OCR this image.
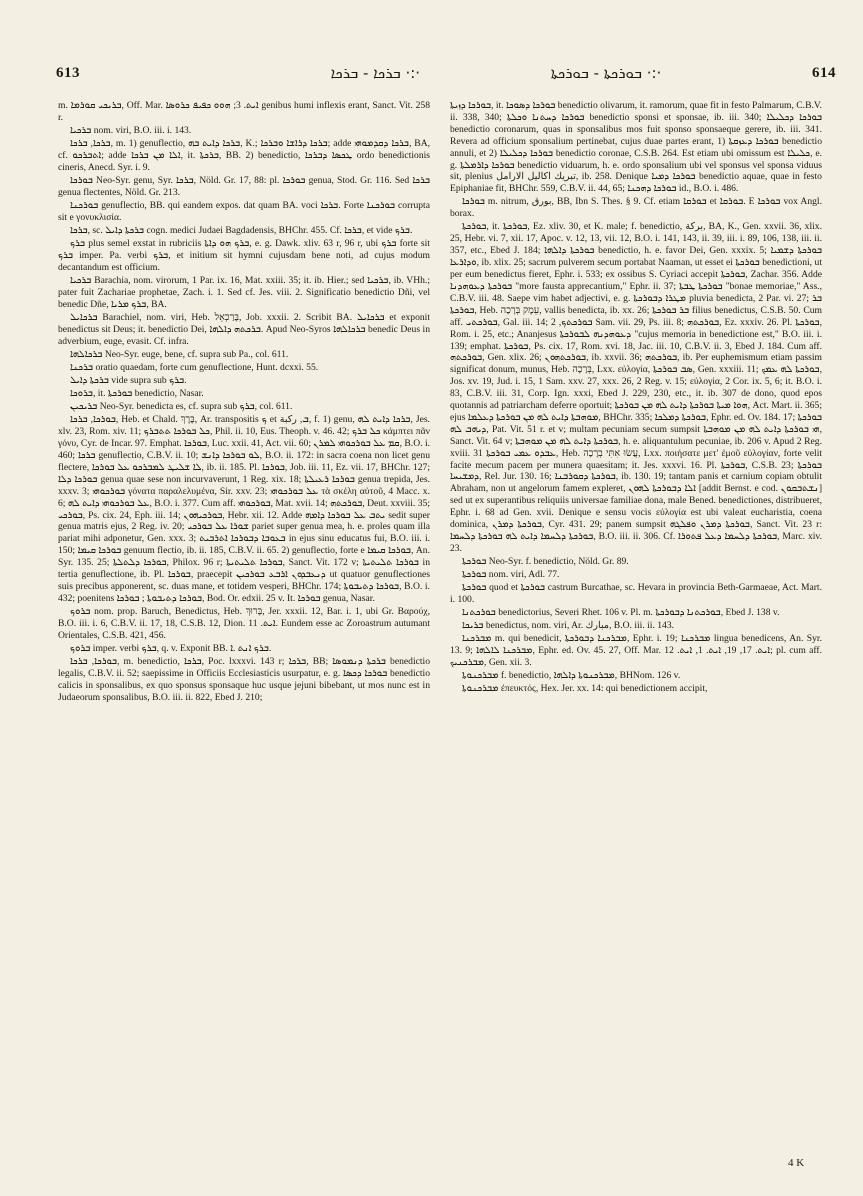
613	ܒܪܟܐ - ܒܪܟܐ ·:·	ܒܘܪܟܬܐ - ܒܘܪܟܬܐ ·:·	614

m. ܒܪܝܟܝ ܩܘܪܡܐ, Off. Mar. ܐܝܬ. 3; ܗܘܘ ܟܦܝܦ ܟܪܘܣܐ genibus humi inflexis erant, Sanct. Vit. 258 r.

ܒܪܟܝܐ nom. viri, B.O. iii. i. 143.

ܒܪܟܐ, ܒܪܟܐ, m. 1) genuflectio, ܒܪܟܐ ܕܐܝܬ ܒܗ, K.; ܒܪܟܐ ܕܪܐܫܐ ܘܒܪܟܐ; adde ܒܪܟܐ ܕܩܕܡܘܗܝ, BA, cf. ܐܬܒܪܟܘ; adde ܐܠܐ ܡܢ ܒܪܟܐ, it. ܒܪܟܬܐ, BB. 2) benedictio, ܛܟܣܐ ܕܒܪܟܐ ordo benedictionis cineris, Anecd. Syr. i. 9.

ܒܘܪܟܐ Neo-Syr. genu, Syr. ܒܪܟܐ, Nöld. Gr. 17, 88: pl. ܒܘܪܟܐ genua, Stod. Gr. 116. Sed ܒܪܟܐ genua flectentes, Nöld. Gr. 213.

ܒܘܪܟܢܐ genuflectio, BB. qui eandem expos. dat quam BA. voci ܒܪܟܐ. Forte ܒܘܪܟܢܐ corrupta sit e γονυκλισία.

ܒܪܟܐ, sc. ܒܪܟܬܐ ܕܐܝܠ cogn. medici Judaei Bagdadensis, BHChr. 455. Cf. ܒܪܟܐ, et vide ܒܪܟ.

ܒܪܟ plus semel exstat in rubriciis ܒܪܟ ܗܘ ܕܐܬܐ, e. g. Dawk. xliv. 63 r, 96 r, ubi ܒܪܟ forte sit ܒܪܟ imper. Pa. verbi ܒܪܟ, et initium sit hymni cujusdam bene noti, ad cujus modum decantandum est officium.

ܒܪܟܝܐ Barachia, nom. virorum, 1 Par. ix. 16, Mat. xxiii. 35; it. ib. Hier.; sed ܒܪܟܝܐ, ib. VHh.; pater fuit Zachariae prophetae, Zach. i. 1. Sed cf. Jes. viii. 2. Significatio benedictio Dñi, vel benedic Dñe, ܒܪܟ ܡܪܝܐ, BA.

ܒܪܟܐܝܠ Barachiel, nom. viri, Heb. בָּרַכְאֵל, Job. xxxii. 2. Scribit BA. ܒܪܟܐܝܠ et exponit benedictus sit Deus; it. benedictio Dei, ܒܪܟܬܗ ܕܐܠܗܐ. Apud Neo-Syros ܒܪܟܐܠܗܐ benedic Deus in adverbium, euge, evasit. Cf. infra.

ܒܪܟܐܠܗܐ Neo-Syr. euge, bene, cf. supra sub Pa., col. 611.

ܒܪܟܢܐ oratio quaedam, forte cum genuflectione, Hunt. dcxxi. 55.

ܒܪܟܬܐ ܕܐܝܠ vide supra sub ܒܪܟ.

ܒܪܘܟܐ, it. ܒܘܪܟܬܐ benedictio, Nasar.

ܒܪܝܟܝܢ Neo-Syr. benedicta es, cf. supra sub ܒܪܟ, col. 611.

ܒܘܪܟܐ, ܒܪܟܐ, Heb. et Chald. בֶּרֶךְ, Ar. transpositis ܟ et ܒ, ركبة, f. 1) genu, ܒܪܟܐ ܕܐܝܬ ܠܗ, Jes. xlv. 23, Rom. xiv. 11; ܟܠ ܒܘܪܟܐ ܬܬܒܪܟ, Phil. ii. 10, Eus. Theoph. v. 46. 42; ܟܠ ܒܪܟ κάμπτει πᾶν γόνυ, Cyr. de Incar. 97. Emphat. ܒܘܪܟܐ, Luc. xxii. 41, Act. vii. 60; ܩܡ ܥܠ ܒܘܪܟܘܗܝ ܠܡܪܢ, B.O. i. 460; ܒܪܟܐ genuflectio, C.B.V. ii. 10; ܠܘ ܒܘܪܟܐ ܕܐܢܫ, B.O. ii. 172: in sacra coena non licet genu flectere, ܠܐ ܫܠܝܛ ܠܡܒܪܟܘ ܥܠ ܒܘܪܟܐ, ib. ii. 185. Pl. ܒܘܪܟܐ, Job. iii. 11, Ez. vii. 17, BHChr. 127; ܒܘܪܟܐ ܕܠܐ genua quae sese non incurvaverunt, 1 Reg. xix. 18; ܒܘܪܟܐ ܪܥܝܠܬܐ genua trepida, Jes. xxxv. 3; ܒܘܪܟܘܗܝ γόνατα παραλελυμένα, Sir. xxv. 23; ܥܠ ܒܘܪܟܘܗܝ τὰ σκέλη αὐτοῦ, 4 Macc. x. 6; ܥܠ ܒܘܪܟܘܗܝ ܕܐܝܬ ܠܗ, B.O. i. 377. Cum aff. ܒܘܪܟܘܗܝ, Mat. xvii. 14; ܒܘܪܟܬܗ, Deut. xxviii. 35; ܒܘܪܟܝ, Ps. cix. 24, Eph. iii. 14; ܒܘܪܟܝܗܘܢ, Hebr. xii. 12. Adde ܝܬܒ ܥܠ ܒܘܪܟܐ ܕܐܡܗ sedit super genua matris ejus, 2 Reg. iv. 20; ܫܘܪܐ ܥܠ ܒܘܪܟܝ pariet super genua mea, h. e. proles quam illa pariat mihi adponetur, Gen. xxx. 3; ܒܥܘܒܐ ܕܒܘܪܟܐ ܐܬܪܒܝܬ in ejus sinu educatus fui, B.O. iii. i. 150; ܒܘܪܟܐ ܩܝܡܐ genuum flectio, ib. ii. 185, C.B.V. ii. 65. 2) genuflectio, forte e ܒܘܪܟܐ ܩܝܡܐ, An. Syr. 135. 25; ܒܘܪܟܐ ܕܠܬܠܬܐ, Philox. 96 r; ܒܘܪܟܐ ܬܠܝܬܝܬܐ, Sanct. Vit. 172 v; ܒܘܪܟܐ ܬܠܝܬܝܬܐ in tertia genuflectione, ib. Pl. ܒܘܪܟܐ, praecepit ܕܢܥܒܕܘܢ ܐܪܒܥ ܒܘܪܟܝܢ ut quatuor genuflectiones suis precibus apponerent, sc. duas mane, et totidem vesperi, BHChr. 174; ܒܘܪܟܐ ܕܬܝܒܘܬܐ, B.O. i. 432; poenitens ܒܘܪܟܐ ܕܬܝܒܘܬܐ ; ܒܘܪܟܐ, Bod. Or. edxii. 25 v. It. ܒܘܪܟܐ genua, Nasar.

ܒܪܘܟ nom. prop. Baruch, Benedictus, Heb. בָּרוּךְ, Jer. xxxii. 12, Bar. i. 1, ubi Gr. Βαρούχ, B.O. iii. i. 6, C.B.V. ii. 17, 18, C.S.B. 12, Dion. ܐܝܬ. 11. Eundem esse ac Zoroastrum autumant Orientales, C.S.B. 421, 456.

ܒܪܘܟ imper. verbi ܒܪܟ, q. v. Exponit BB. ܒܪܟ ܐܢܬ .ܐ.

ܒܘܪܟܐ, ܒܪܟܐ, m. benedictio, ܒܪܟܐ, Poc. lxxxvi. 143 r; ܒܪܟܐ, BB; ܒܪܟܬܐ ܕܢܡܘܣܐ benedictio legalis, C.B.V. ii. 52; saepissime in Officiis Ecclesiasticis usurpatur, e. g. ܒܘܪܟܐ ܕܟܣܐ benedictio calicis in sponsalibus, ex quo sponsus sponsaque huc usque jejuni bibebant, ut mos nunc est in Judaeorum sponsalibus, B.O. iii. ii. 822, Ebed J. 210;

ܒܘܪܟܐ ܕܙܝܬܐ, it. ܒܘܪܟܐ ܕܣܘܟܐ benedictio olivarum, it. ramorum, quae fit in festo Palmarum, C.B.V. ii. 338, 340; ܒܘܪܟܐ ܕܚܬܢܐ ܘܟܠܬܐ benedictio sponsi et sponsae, ib. iii. 340; ܒܘܪܟܐ ܕܟܠܝܠܐ benedictio coronarum, quas in sponsalibus mos fuit sponso sponsaeque gerere, ib. iii. 341. Revera ad officium sponsalium pertinebat, cujus duae partes erant, 1) ܒܘܪܟܐ ܕܥܙܩܬܐ benedictio annuli, et 2) ܒܘܪܟܐ ܕܟܠܝܠܐ benedictio coronae, C.S.B. 264. Est etiam ubi omissum est ܟܠܝܠܐ, e. g. ܒܘܪܟܐ ܕܐܪܡܠܬܐ benedictio viduarum, h. e. ordo sponsalium ubi vel sponsus vel sponsa viduus sit, plenius تبريك اكاليل الارامل, ib. 258. Denique ܒܘܪܟܐ ܕܡܝܐ benedictio aquae, quae in festo Epiphaniae fit, BHChr. 559, C.B.V. ii. 44, 65; ܒܘܪܟܐ ܕܗܟܢܐ id., B.O. i. 486.

ܒܘܪܟܐ m. nitrum, بورق, BB, Ibn S. Thes. § 9. Cf. etiam ܒܘܪܩܐ et ܒܘܪܩܐ. E ܒܘܪܟܐ vox Angl. borax.

ܒܘܪܟܬܐ, it. ܒܘܪܟܬܐ, Ez. xliv. 30, et K. male; f. benedictio, بركة, BA, K., Gen. xxvii. 36, xlix. 25, Hebr. vi. 7, xii. 17, Apoc. v. 12, 13, vii. 12, B.O. i. 141, 143, ii. 39, iii. i. 89, 106, 138, iii. ii. 357, etc., Ebed J. 184; ܒܘܪܟܬܐ ܕܐܠܗܐ benedictio, h. e. favor Dei, Gen. xxxix. 5; ܒܘܪܟܬܐ ܕܫܡܝܐ ܘܕܐܪܥܐ, ib. xlix. 25; sacrum pulverem secum portabat Naaman, ut esset ei ܒܘܪܟܬܐ benedictioni, ut per eum benedictus fieret, Ephr. i. 533; ex ossibus S. Cyriaci accepit ܒܘܪܟܬܐ, Zachar. 356. Adde ܒܘܪܟܬܐ ܕܥܘܗܕܢܐ "more fausta apprecantium," Ephr. ii. 37; ܒܘܪܟܬܐ ܛܒܬܐ "bonae memoriae," Ass., C.B.V. iii. 48. Saepe vim habet adjectivi, e. g. ܡܛܪܐ ܕܒܘܪܟܬܐ pluvia benedicta, 2 Par. vi. 27; ܒܪ ܒܘܪܟܬܐ, Heb. עֵמֶק בְּרָכָה, vallis benedicta, ib. xx. 26; ܒܪ ܒܘܪܟܬܐ filius benedictus, C.S.B. 50. Cum aff. ܒܘܪܟܬܝ, Gal. iii. 14; ܒܘܪܟܬܟ, 2 Sam. vii. 29, Ps. iii. 8; ܒܘܪܟܬܗ, Ez. xxxiv. 26. Pl. ܒܘܪܟܬܐ, Rom. i. 25, etc.; Ananjesus ܕܥܘܗܕܢܗ ܠܒܘܪܟܬܐ "cujus memoria in benedictione est," B.O. iii. i. 139; emphat. ܒܘܪܟܬܐ, Ps. cix. 17, Rom. xvi. 18, Jac. iii. 10, C.B.V. ii. 3, Ebed J. 184. Cum aff. ܒܘܪܟܬܗ, Gen. xlix. 26; ܒܘܪܟܬܗܘܢ, ib. xxvii. 36; ܒܘܪܟܬܗ, ib. Per euphemismum etiam passim significat donum, munus, Heb. בְּרָכָה, Lxx. εὐλογία, ܣܒ ܒܘܪܟܬܐ, Gen. xxxiii. 11; ܒܘܪܟܬܐ ܠܗ ܥܡܟ, Jos. xv. 19, Jud. i. 15, 1 Sam. xxv. 27, xxx. 26, 2 Reg. v. 15; εὐλογία, 2 Cor. ix. 5, 6; it. B.O. i. 83, C.B.V. iii. 31, Corp. Ign. xxxi, Ebed J. 229, 230, etc., it. ib. 307 de dono, quod epos quotannis ad patriarcham deferre oportuit; ܗܘܐ ܡܝܬܐ ܒܘܪܟܬܐ ܕܐܝܬ ܠܗ ܡܢ ܒܘܪܟܬܐ, Act. Mart. ii. 365; ejus ܡܘܗܒܬܐ ܕܐܝܬ ܠܗ ܡܢ ܒܘܪܟܬܐ ܕܥܠܡܐ, BHChr. 335; ܒܘܪܟܬܐ ܕܡܠܟܐ, Ephr. ed. Ov. 184. 17; ܒܘܪܟܬܐ ܕܝܗܒ ܠܗ, Pat. Vit. 51 r. et v; multam pecuniam secum sumpsit ܗܝ ܒܘܪܟܬܐ ܕܐܝܬ ܠܗ ܡܢ ܡܘܗܒܬܐ, Sanct. Vit. 64 v; ܒܘܪܟܬܐ ܕܐܝܬ ܠܗ ܡܢ ܡܘܗܒܬܐ, h. e. aliquantulum pecuniae, ib. 206 v. Apud 2 Reg. xviii. 31 ܥܒܕܘ ܥܡܝ ܒܘܪܟܬܐ, Heb. עֲשׂוּ אִתִּי בְרָכָה, Lxx. ποιήσατε μετ' ἐμοῦ εὐλογίαν, forte velit facite mecum pacem per munera quaesitam; it. Jes. xxxvi. 16. Pl. ܒܘܪܟܬܐ, C.S.B. 23; ܒܘܪܟܬܐ ܕܡܫܝܚܐ, Rel. Jur. 130. 16; ܒܘܪܟܬܐ ܕܩܘܪܒܢܐ, ib. 130. 19; tantam panis et carnium copiam obtulit Abraham, non ut angelorum famem expleret, ܐܠܐ ܕܒܘܪܟܬܐ ܠܗܘܢ [addit Bernst. e cod. ܢܫܬܒܩܘܢ] sed ut ex superantibus reliquiis universae familiae dona, male Bened. benedictiones, distribueret, Ephr. i. 68 ad Gen. xvii. Denique e sensu vocis εὐλογία est ubi valeat eucharistia, coena dominica, ܒܘܪܟܬܐ ܕܡܪܢ, Cyr. 431. 29; panem sumpsit ܒܘܪܟܬܐ ܕܡܪܢ ܘܦܠܓܗ, Sanct. Vit. 23 r: ܒܘܪܟܬܐ ܕܠܚܡܐ ܕܐܝܬ ܠܗ ܒܘܪܟܬܐ ܕܠܚܡܐ, B.O. iii. ii. 306. Cf. ܒܘܪܟܬܐ ܕܠܚܡܐ ܕܥܠ ܦܬܘܪܐ, Marc. xiv. 23.

ܒܘܪܟܬܐ Neo-Syr. f. benedictio, Nöld. Gr. 89.

ܒܘܪܟܬܐ nom. viri, Adl. 77.

ܒܘܪܟܬܐ quod et ܒܘܪܟܬܐ castrum Burcathae, sc. Hevara in provincia Beth-Garmaeae, Act. Mart. i. 100.

ܒܘܪܟܬܢܐ benedictorius, Severi Rhet. 106 v. Pl. m. ܒܘܪܟܬܢܐ ܕܒܘܪܟܬܐ, Ebed J. 138 v.

ܒܪܝܟܐ benedictus, nom. viri, Ar. مبارك, B.O. iii. ii. 143.

ܡܒܪܟܢܐ m. qui benedicit, ܡܒܪܟܢܐ ܕܒܘܪܟܬܐ, Ephr. i. 19; ܡܒܪܟܢܐ lingua benedicens, An. Syr. 13. 9; ܡܒܪܟܢܐ ܠܐܠܗܐ, Ephr. ed. Ov. 45. 27, Off. Mar. ܐܝܬ. 17, 19, ܐܝܬ. 1, ܐܝܬ. 12; pl. cum aff. ܡܒܪܟܢܝܟ, Gen. xii. 3.

ܡܒܪܟܢܘܬܐ f. benedictio, ܡܒܪܟܢܘܬܐ ܕܐܠܗܐ, BHNom. 126 v.

ܡܒܪܟܢܘܬܐ ἐπευκτός, Hex. Jer. xx. 14: qui benedictionem accipit,

4 K
